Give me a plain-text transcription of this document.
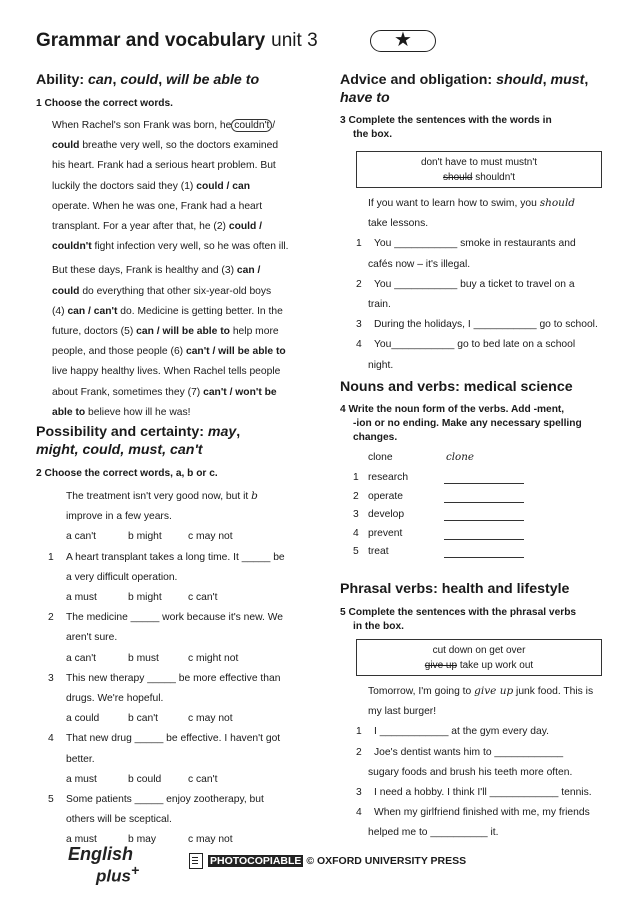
Grammar and vocabulary unit 3	★
Ability: can, could, will be able to
1 Choose the correct words.
When Rachel's son Frank was born, he couldn't /
could breathe very well, so the doctors examined
his heart. Frank had a serious heart problem. But
luckily the doctors said they (1) could / can
operate. When he was one, Frank had a heart
transplant. For a year after that, he (2) could /
couldn't fight infection very well, so he was often ill.
But these days, Frank is healthy and (3) can /
could do everything that other six-year-old boys
(4) can / can't do. Medicine is getting better. In the
future, doctors (5) can / will be able to help more
people, and those people (6) can't / will be able to
live happy healthy lives. When Rachel tells people
about Frank, sometimes they (7) can't / won't be
able to believe how ill he was!
Possibility and certainty: may,
might, could, must, can't
2 Choose the correct words, a, b or c.
The treatment isn't very good now, but it b
improve in a few years.
a can't	b might	c may not
1 A heart transplant takes a long time. It _____ be
a very difficult operation.
a must	b might	c can't
2 The medicine _____ work because it's new. We
aren't sure.
a can't	b must	c might not
3 This new therapy _____ be more effective than
drugs. We're hopeful.
a could	b can't	c may not
4 That new drug _____ be effective. I haven't got
better.
a must	b could	c can't
5 Some patients _____ enjoy zootherapy, but
others will be sceptical.
a must	b may	c may not
Advice and obligation: should, must,
have to
3 Complete the sentences with the words in
the box.
don't have to must mustn't
should shouldn't
If you want to learn how to swim, you should
take lessons.
1 You ___________ smoke in restaurants and
cafés now – it's illegal.
2 You ___________ buy a ticket to travel on a
train.
3 During the holidays, I ___________ go to school.
4 You___________ go to bed late on a school
night.
Nouns and verbs: medical science
4 Write the noun form of the verbs. Add -ment,
-ion or no ending. Make any necessary spelling
changes.
clone	clone
1 research
2 operate
3 develop
4 prevent
5 treat
Phrasal verbs: health and lifestyle
5 Complete the sentences with the phrasal verbs
in the box.
cut down on get over
give up take up work out
Tomorrow, I'm going to give up junk food. This is
my last burger!
1 I ____________ at the gym every day.
2 Joe's dentist wants him to ____________
sugary foods and brush his teeth more often.
3 I need a hobby. I think I'll ____________ tennis.
4 When my girlfriend finished with me, my friends
helped me to __________ it.
English
plus+
PHOTOCOPIABLE © OXFORD UNIVERSITY PRESS
